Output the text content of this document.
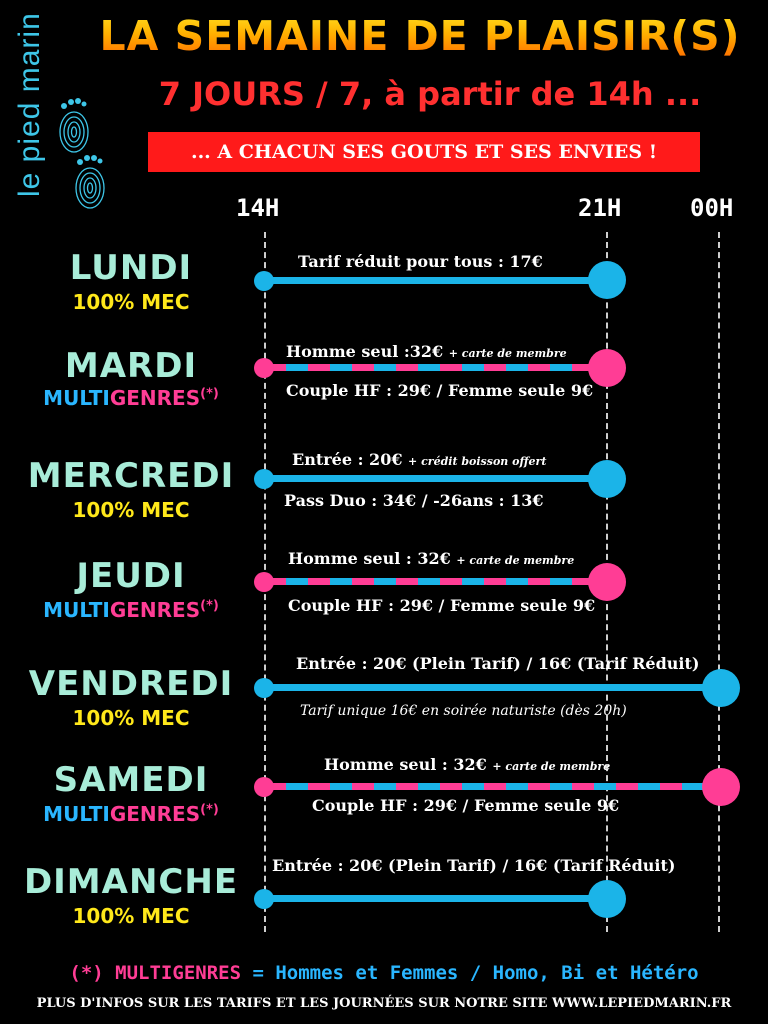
le pied marin	LA SEMAINE DE PLAISIR(S)
7 JOURS / 7, à partir de 14h ...
... A CHACUN SES GOUTS ET SES ENVIES !
14H	21H	00H
LUNDI
100% MEC
Tarif réduit pour tous : 17€
MARDI
MULTIGENRES(*)
Homme seul :32€ + carte de membre
Couple HF : 29€ / Femme seule 9€
MERCREDI
100% MEC
Entrée : 20€ + crédit boisson offert
Pass Duo : 34€ / -26ans : 13€
JEUDI
MULTIGENRES(*)
Homme seul : 32€ + carte de membre
Couple HF : 29€ / Femme seule 9€
VENDREDI
100% MEC
Entrée : 20€ (Plein Tarif) / 16€ (Tarif Réduit)
Tarif unique 16€ en soirée naturiste (dès 20h)
SAMEDI
MULTIGENRES(*)
Homme seul : 32€ + carte de membre
Couple HF : 29€ / Femme seule 9€
DIMANCHE
100% MEC
Entrée : 20€ (Plein Tarif) / 16€ (Tarif Réduit)
(*) MULTIGENRES = Hommes et Femmes / Homo, Bi et Hétéro
PLUS D'INFOS SUR LES TARIFS ET LES JOURNÉES SUR NOTRE SITE WWW.LEPIEDMARIN.FR
